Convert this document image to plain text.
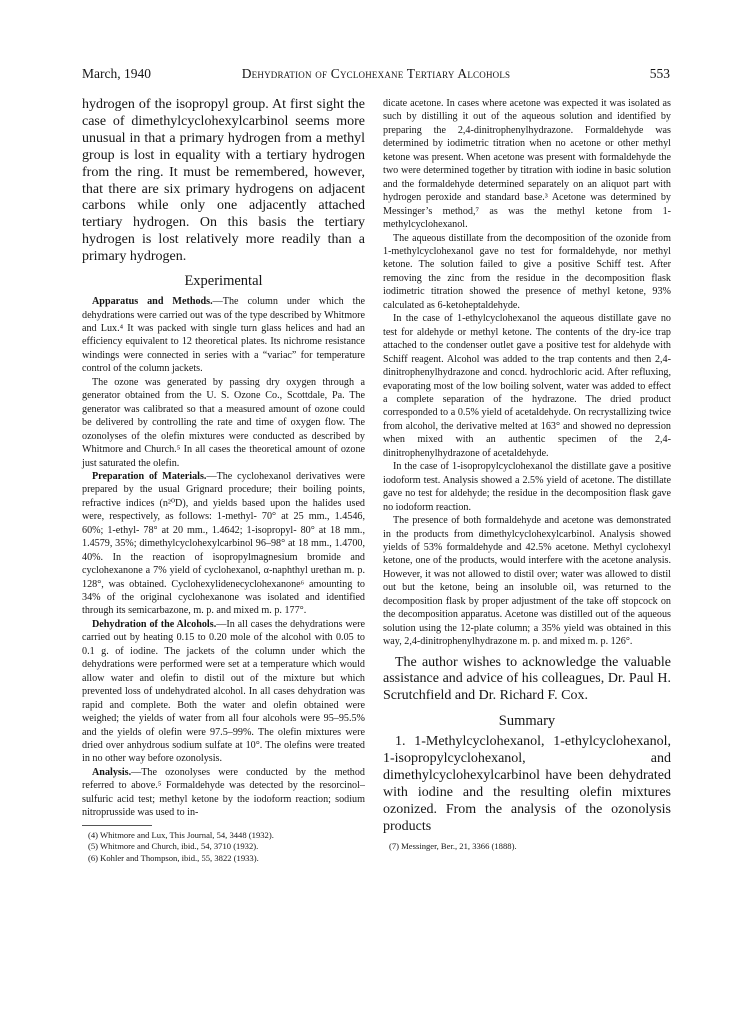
March, 1940	Dehydration of Cyclohexane Tertiary Alcohols	553

hydrogen of the isopropyl group. At first sight the case of dimethylcyclohexylcarbinol seems more unusual in that a primary hydrogen from a methyl group is lost in equality with a tertiary hydrogen from the ring. It must be remembered, however, that there are six primary hydrogens on adjacent carbons while only one adjacently attached tertiary hydrogen. On this basis the tertiary hydrogen is lost relatively more readily than a primary hydrogen.

Experimental

Apparatus and Methods.—The column under which the dehydrations were carried out was of the type described by Whitmore and Lux.⁴ It was packed with single turn glass helices and had an efficiency equivalent to 12 theoretical plates. Its nichrome resistance windings were connected in series with a “variac” for temperature control of the column jackets.

The ozone was generated by passing dry oxygen through a generator obtained from the U. S. Ozone Co., Scottdale, Pa. The generator was calibrated so that a measured amount of ozone could be delivered by controlling the rate and time of oxygen flow. The ozonolyses of the olefin mixtures were conducted as described by Whitmore and Church.⁵ In all cases the theoretical amount of ozone just saturated the olefin.

Preparation of Materials.—The cyclohexanol derivatives were prepared by the usual Grignard procedure; their boiling points, refractive indices (n²⁰D), and yields based upon the halides used were, respectively, as follows: 1-methyl- 70° at 25 mm., 1.4546, 60%; 1-ethyl- 78° at 20 mm., 1.4642; 1-isopropyl- 80° at 18 mm., 1.4579, 35%; dimethylcyclohexylcarbinol 96–98° at 18 mm., 1.4700, 40%. In the reaction of isopropylmagnesium bromide and cyclohexanone a 7% yield of cyclohexanol, α-naphthyl urethan m. p. 128°, was obtained. Cyclohexylidenecyclohexanone⁶ amounting to 34% of the original cyclohexanone was isolated and identified through its semicarbazone, m. p. and mixed m. p. 177°.

Dehydration of the Alcohols.—In all cases the dehydrations were carried out by heating 0.15 to 0.20 mole of the alcohol with 0.05 to 0.1 g. of iodine. The jackets of the column under which the dehydrations were performed were set at a temperature which would allow water and olefin to distil out of the mixture but which prevented loss of undehydrated alcohol. In all cases dehydration was rapid and complete. Both the water and olefin obtained were weighed; the yields of water from all four alcohols were 95–95.5% and the yields of olefin were 97.5–99%. The olefin mixtures were dried over anhydrous sodium sulfate at 10°. The olefins were treated in no other way before ozonolysis.

Analysis.—The ozonolyses were conducted by the method referred to above.⁵ Formaldehyde was detected by the resorcinol–sulfuric acid test; methyl ketone by the iodoform reaction; sodium nitroprusside was used to in-

(4) Whitmore and Lux, This Journal, 54, 3448 (1932).
(5) Whitmore and Church, ibid., 54, 3710 (1932).
(6) Kohler and Thompson, ibid., 55, 3822 (1933).

dicate acetone. In cases where acetone was expected it was isolated as such by distilling it out of the aqueous solution and identified by preparing the 2,4-dinitrophenylhydrazone. Formaldehyde was determined by iodimetric titration when no acetone or other methyl ketone was present. When acetone was present with formaldehyde the two were determined together by titration with iodine in basic solution and the formaldehyde determined separately on an aliquot part with hydrogen peroxide and standard base.³ Acetone was determined by Messinger’s method,⁷ as was the methyl ketone from 1-methylcyclohexanol.

The aqueous distillate from the decomposition of the ozonide from 1-methylcyclohexanol gave no test for formaldehyde, nor methyl ketone. The solution failed to give a positive Schiff test. After removing the zinc from the residue in the decomposition flask iodimetric titration showed the presence of methyl ketone, 93% calculated as 6-ketoheptaldehyde.

In the case of 1-ethylcyclohexanol the aqueous distillate gave no test for aldehyde or methyl ketone. The contents of the dry-ice trap attached to the condenser outlet gave a positive test for aldehyde with Schiff reagent. Alcohol was added to the trap contents and then 2,4-dinitrophenylhydrazone and concd. hydrochloric acid. After refluxing, evaporating most of the low boiling solvent, water was added to effect a complete separation of the hydrazone. The dried product corresponded to a 0.5% yield of acetaldehyde. On recrystallizing twice from alcohol, the derivative melted at 163° and showed no depression when mixed with an authentic specimen of the 2,4-dinitrophenylhydrazone of acetaldehyde.

In the case of 1-isopropylcyclohexanol the distillate gave a positive iodoform test. Analysis showed a 2.5% yield of acetone. The distillate gave no test for aldehyde; the residue in the decomposition flask gave no iodoform reaction.

The presence of both formaldehyde and acetone was demonstrated in the products from dimethylcyclohexylcarbinol. Analysis showed yields of 53% formaldehyde and 42.5% acetone. Methyl cyclohexyl ketone, one of the products, would interfere with the acetone analysis. However, it was not allowed to distil over; water was allowed to distil out but the ketone, being an insoluble oil, was returned to the decomposition flask by proper adjustment of the take off stopcock on the decomposition apparatus. Acetone was distilled out of the aqueous solution using the 12-plate column; a 35% yield was obtained in this way, 2,4-dinitrophenylhydrazone m. p. and mixed m. p. 126°.

The author wishes to acknowledge the valuable assistance and advice of his colleagues, Dr. Paul H. Scrutchfield and Dr. Richard F. Cox.

Summary

1. 1-Methylcyclohexanol, 1-ethylcyclohexanol, 1-isopropylcyclohexanol, and dimethylcyclohexylcarbinol have been dehydrated with iodine and the resulting olefin mixtures ozonized. From the analysis of the ozonolysis products

(7) Messinger, Ber., 21, 3366 (1888).
